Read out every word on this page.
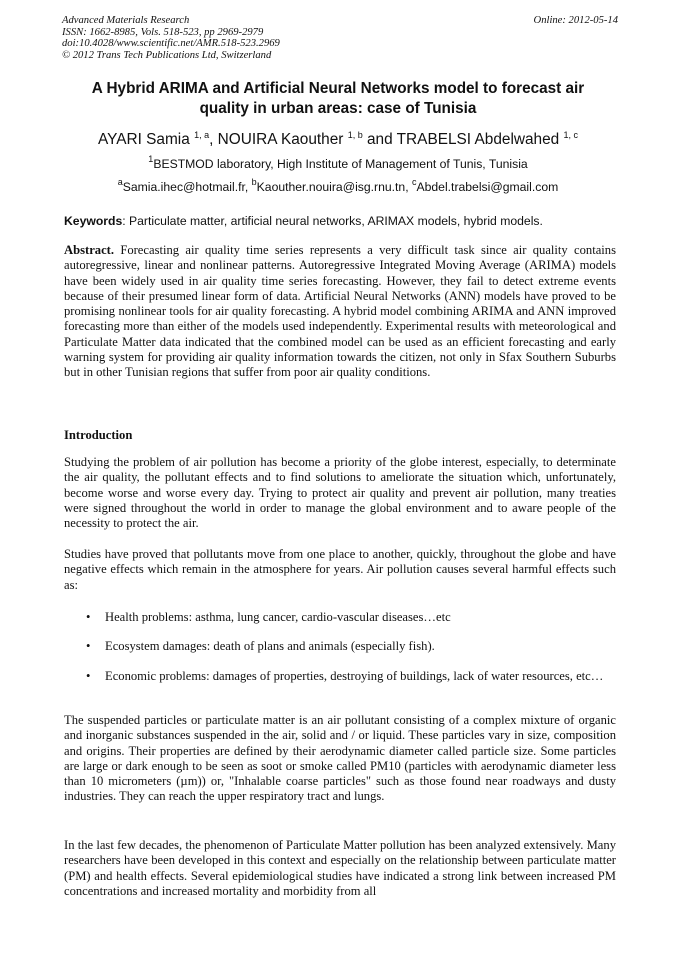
Advanced Materials Research
ISSN: 1662-8985, Vols. 518-523, pp 2969-2979
doi:10.4028/www.scientific.net/AMR.518-523.2969
© 2012 Trans Tech Publications Ltd, Switzerland
Online: 2012-05-14
A Hybrid ARIMA and Artificial Neural Networks model to forecast air
quality in urban areas: case of Tunisia
AYARI Samia $^{1, a}$, NOUIRA Kaouther $^{1, b}$ and TRABELSI Abdelwahed $^{1, c}$
$^1$BESTMOD laboratory, High Institute of Management of Tunis, Tunisia
$^a$Samia.ihec@hotmail.fr, $^b$Kaouther.nouira@isg.rnu.tn, $^c$Abdel.trabelsi@gmail.com
Keywords: Particulate matter, artificial neural networks, ARIMAX models, hybrid models.
Abstract. Forecasting air quality time series represents a very difficult task since air quality contains autoregressive, linear and nonlinear patterns. Autoregressive Integrated Moving Average (ARIMA) models have been widely used in air quality time series forecasting. However, they fail to detect extreme events because of their presumed linear form of data. Artificial Neural Networks (ANN) models have proved to be promising nonlinear tools for air quality forecasting. A hybrid model combining ARIMA and ANN improved forecasting more than either of the models used independently. Experimental results with meteorological and Particulate Matter data indicated that the combined model can be used as an efficient forecasting and early warning system for providing air quality information towards the citizen, not only in Sfax Southern Suburbs but in other Tunisian regions that suffer from poor air quality conditions.
Introduction
Studying the problem of air pollution has become a priority of the globe interest, especially, to determinate the air quality, the pollutant effects and to find solutions to ameliorate the situation which, unfortunately, become worse and worse every day. Trying to protect air quality and prevent air pollution, many treaties were signed throughout the world in order to manage the global environment and to aware people of the necessity to protect the air.
Studies have proved that pollutants move from one place to another, quickly, throughout the globe and have negative effects which remain in the atmosphere for years. Air pollution causes several harmful effects such as:
•	Health problems: asthma, lung cancer, cardio-vascular diseases…etc
•	Ecosystem damages: death of plans and animals (especially fish).
•	Economic problems: damages of properties, destroying of buildings, lack of water resources, etc…
The suspended particles or particulate matter is an air pollutant consisting of a complex mixture of organic and inorganic substances suspended in the air, solid and / or liquid. These particles vary in size, composition and origins. Their properties are defined by their aerodynamic diameter called particle size. Some particles are large or dark enough to be seen as soot or smoke called PM10 (particles with aerodynamic diameter less than 10 micrometers (µm)) or, "Inhalable coarse particles" such as those found near roadways and dusty industries. They can reach the upper respiratory tract and lungs.
In the last few decades, the phenomenon of Particulate Matter pollution has been analyzed extensively. Many researchers have been developed in this context and especially on the relationship between particulate matter (PM) and health effects. Several epidemiological studies have indicated a strong link between increased PM concentrations and increased mortality and morbidity from all
